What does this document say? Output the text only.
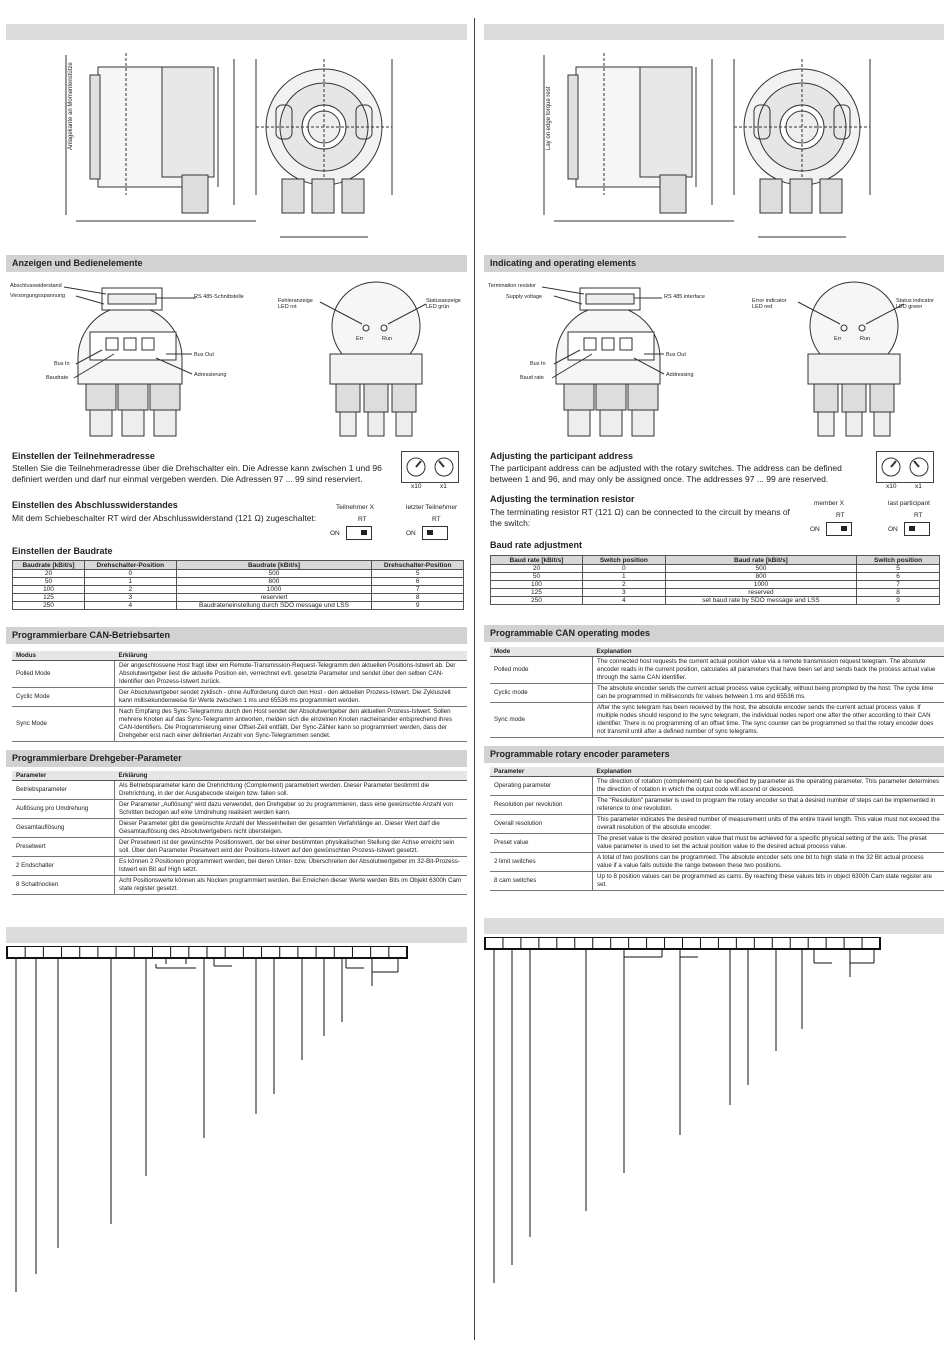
Anlagekante an Momentenstütze
Anzeigen und Bedienelemente
Abschlusswiderstand
Versorgungsspannung	RS 485-Schnittstelle
Bus In
Baudrate
Bus Out
Adressierung
Fehleranzeige
LED rot
Statusanzeige
LED grün
Err	Run
Einstellen der Teilnehmeradresse
Stellen Sie die Teilnehmeradresse über die Drehschalter ein. Die Adresse kann zwischen 1 und 96 definiert werden und darf nur einmal vergeben werden. Die Adressen 97 ... 99 sind reserviert.
x10	x1
Einstellen des Abschlusswiderstandes
Mit dem Schiebeschalter RT wird der Abschlusswiderstand (121 Ω) zugeschaltet:
Teilnehmer X	letzter Teilnehmer
RT	RT
ON	ON
Einstellen der Baudrate
Baudrate [kBit/s]	Drehschalter-Position	Baudrate [kBit/s]	Drehschalter-Position
20	0	500	5
50	1	800	6
100	2	1000	7
125	3	reserviert	8
250	4	Baudrateneinstellung durch SDO message und LSS	9
Programmierbare CAN-Betriebsarten
Modus	Erklärung
Polled Mode	Der angeschlossene Host fragt über ein Remote-Transmission-Request-Telegramm den aktuellen Positions-Istwert ab. Der Absolutwertgeber liest die aktuelle Position ein, verrechnet evtl. gesetzte Parameter und sendet über den selben CAN-Identifier den Prozess-Istwert zurück.
Cyclic Mode	Der Absolutwertgeber sendet zyklisch - ohne Aufforderung durch den Host - den aktuellen Prozess-Istwert. Die Zykluszeit kann millisekundenweise für Werte zwischen 1 ms und 65536 ms programmiert werden.
Sync Mode	Nach Empfang des Sync-Telegramms durch den Host sendet der Absolutwertgeber den aktuellen Prozess-Istwert. Sollen mehrere Knoten auf das Sync-Telegramm antworten, melden sich die einzelnen Knoten nacheinander entsprechend ihres CAN-Identifiers. Die Programmierung einer Offset-Zeit entfällt. Der Sync-Zähler kann so programmiert werden, dass der Drehgeber erst nach einer definierten Anzahl von Sync-Telegrammen sendet.
Programmierbare Drehgeber-Parameter
Parameter	Erklärung
Betriebsparameter	Als Betriebsparameter kann die Drehrichtung (Complement) parametriert werden. Dieser Parameter bestimmt die Drehrichtung, in der der Ausgabecode steigen bzw. fallen soll.
Auflösung pro Umdrehung	Der Parameter „Auflösung“ wird dazu verwendet, den Drehgeber so zu programmieren, dass eine gewünschte Anzahl von Schritten bezogen auf eine Umdrehung realisiert werden kann.
Gesamtauflösung	Dieser Parameter gibt die gewünschte Anzahl der Messeinheiten der gesamten Verfahrlänge an. Dieser Wert darf die Gesamtauflösung des Absolutwertgebers nicht übersteigen.
Presetwert	Der Presetwert ist der gewünschte Positionswert, der bei einer bestimmten physikalischen Stellung der Achse erreicht sein soll. Über den Parameter Presetwert wird der Positions-Istwert auf den gewünschten Prozess-Istwert gesetzt.
2 Endschalter	Es können 2 Positionen programmiert werden, bei deren Unter- bzw. Überschreiten der Absolutwertgeber im 32-Bit-Prozess-Istwert ein Bit auf High setzt.
8 Schaltnocken	Acht Positionswerte können als Nocken programmiert werden. Bei Erreichen dieser Werte werden Bits im Objekt 6300h Cam state register gesetzt.
Lay on edge torque rest
Indicating and operating elements
Termination resistor
Supply voltage	RS 485 interface
Bus In
Baud rate
Bus Out
Addressing
Error indicator
LED red
Status indicator
LED green
Err	Run
Adjusting the participant address
The participant address can be adjusted with the rotary switches. The address can be defined between 1 and 96, and may only be assigned once. The addresses 97 ... 99 are reserved.
x10	x1
Adjusting the termination resistor
The terminating resistor RT (121 Ω) can be connected to the circuit by means of the switch:
member X	last participant
RT	RT
ON	ON
Baud rate adjustment
Baud rate [kBit/s]	Switch position	Baud rate [kBit/s]	Switch position
20	0	500	5
50	1	800	6
100	2	1000	7
125	3	reserved	8
250	4	set baud rate by SDO message and LSS	9
Programmable CAN operating modes
Mode	Explanation
Polled mode	The connected host requests the current actual position value via a remote transmission request telegram. The absolute encoder reads in the current position, calculates all parameters that have been set and sends back the process actual value through the same CAN identifier.
Cyclic mode	The absolute encoder sends the current actual process value cyclically, without being prompted by the host. The cycle time can be programmed in milliseconds for values between 1 ms and 65536 ms.
Sync mode	After the sync telegram has been received by the host, the absolute encoder sends the current actual process value. If multiple nodes should respond to the sync telegram, the individual nodes report one after the other according to their CAN identifier. There is no programming of an offset time. The sync counter can be programmed so that the rotary encoder does not transmit until after a defined number of sync telegrams.
Programmable rotary encoder parameters
Parameter	Explanation
Operating parameter	The direction of rotation (complement) can be specified by parameter as the operating parameter. This parameter determines the direction of rotation in which the output code will ascend or descend.
Resolution per revolution	The "Resolution" parameter is used to program the rotary encoder so that a desired number of steps can be implemented in reference to one revolution.
Overall resolution	This parameter indicates the desired number of measurement units of the entire travel length. This value must not exceed the overall resolution of the absolute encoder.
Preset value	The preset value is the desired position value that must be achieved for a specific physical setting of the axis. The preset value parameter is used to set the actual position value to the desired actual process value.
2 limit switches	A total of two positions can be programmed. The absolute encoder sets one bit to high state in the 32 Bit actual process value if a value falls outside the range between these two positions.
8 cam switches	Up to 8 position values can be programmed as cams. By reaching these values bits in object 6300h Cam state register are set.
